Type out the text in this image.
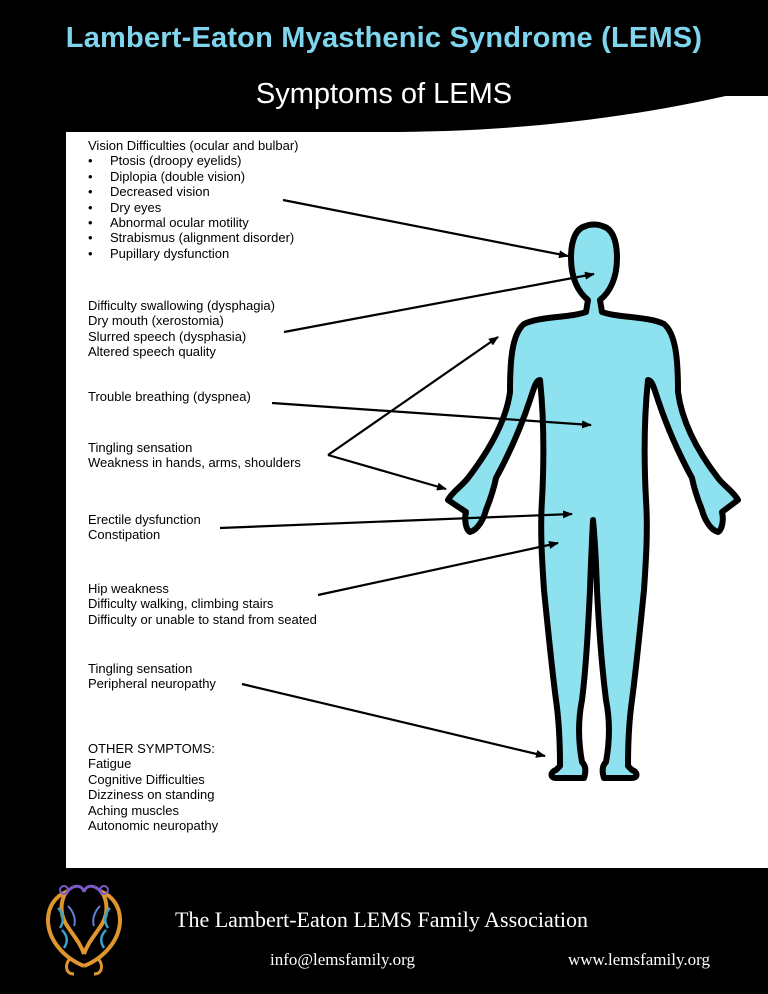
Lambert-Eaton Myasthenic Syndrome (LEMS)
Symptoms of LEMS
Vision Difficulties (ocular and bulbar)
• Ptosis (droopy eyelids)
• Diplopia (double vision)
• Decreased vision
• Dry eyes
• Abnormal ocular motility
• Strabismus (alignment disorder)
• Pupillary dysfunction
Difficulty swallowing (dysphagia)
Dry mouth (xerostomia)
Slurred speech (dysphasia)
Altered speech quality
Trouble breathing (dyspnea)
Tingling sensation
Weakness in hands, arms, shoulders
Erectile dysfunction
Constipation
Hip weakness
Difficulty walking, climbing stairs
Difficulty or unable to stand from seated
Tingling sensation
Peripheral neuropathy
OTHER SYMPTOMS:
Fatigue
Cognitive Difficulties
Dizziness on standing
Aching muscles
Autonomic neuropathy
The Lambert-Eaton LEMS Family Association
info@lemsfamily.org	www.lemsfamily.org
